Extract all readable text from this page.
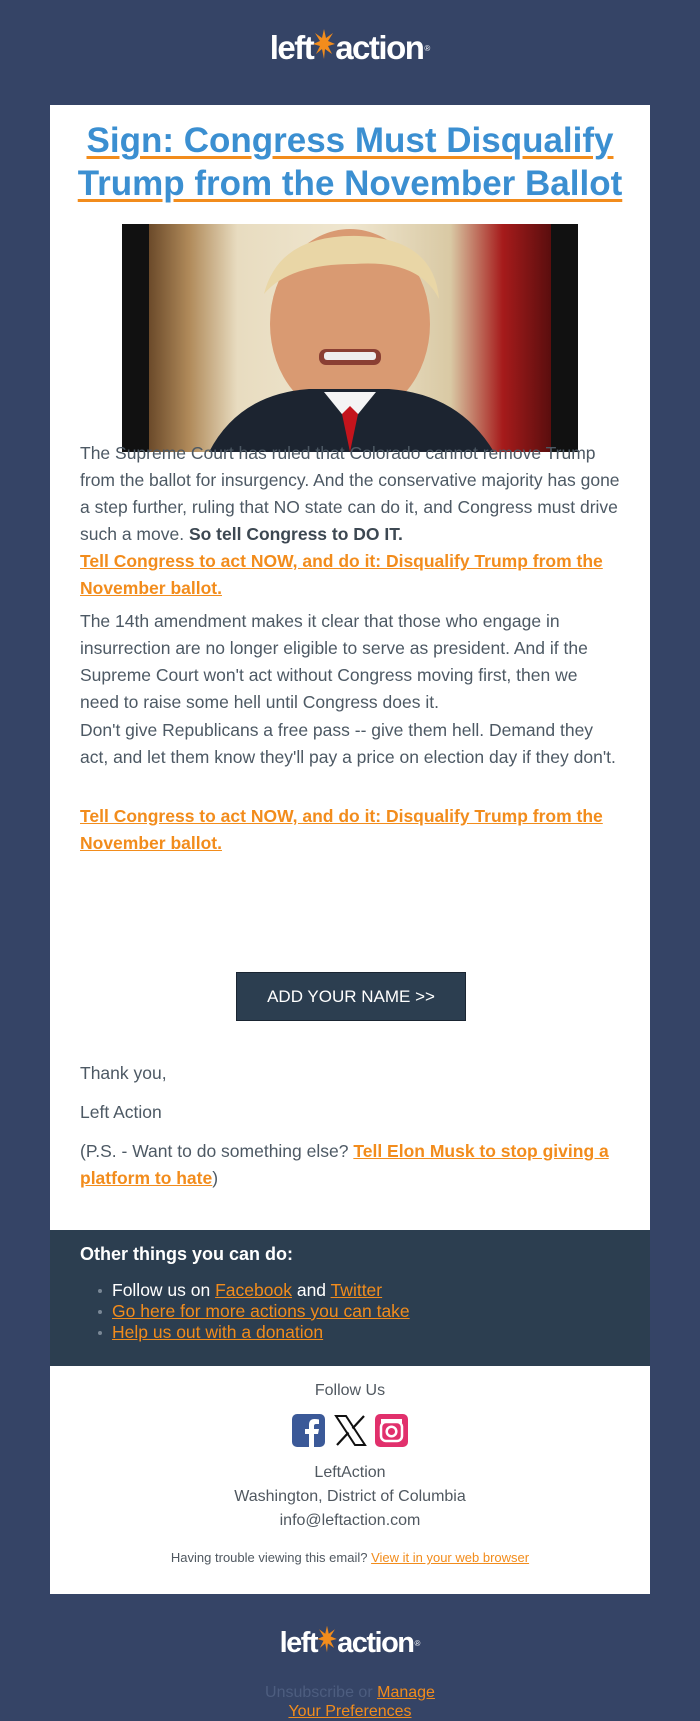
left action ®
Sign: Congress Must Disqualify Trump from the November Ballot

The Supreme Court has ruled that Colorado cannot remove Trump from the ballot for insurgency. And the conservative majority has gone a step further, ruling that NO state can do it, and Congress must drive such a move. So tell Congress to DO IT.

Tell Congress to act NOW, and do it: Disqualify Trump from the November ballot.

The 14th amendment makes it clear that those who engage in insurrection are no longer eligible to serve as president. And if the Supreme Court won't act without Congress moving first, then we need to raise some hell until Congress does it.

Don't give Republicans a free pass -- give them hell. Demand they act, and let them know they'll pay a price on election day if they don't.

Tell Congress to act NOW, and do it: Disqualify Trump from the November ballot.

ADD YOUR NAME >>

Thank you,

Left Action

(P.S. - Want to do something else? Tell Elon Musk to stop giving a platform to hate)

Other things you can do:
Follow us on Facebook and Twitter
Go here for more actions you can take
Help us out with a donation
Follow Us
LeftAction
Washington, District of Columbia
info@leftaction.com
Having trouble viewing this email? View it in your web browser
left action ®
Unsubscribe or Manage
Your Preferences
